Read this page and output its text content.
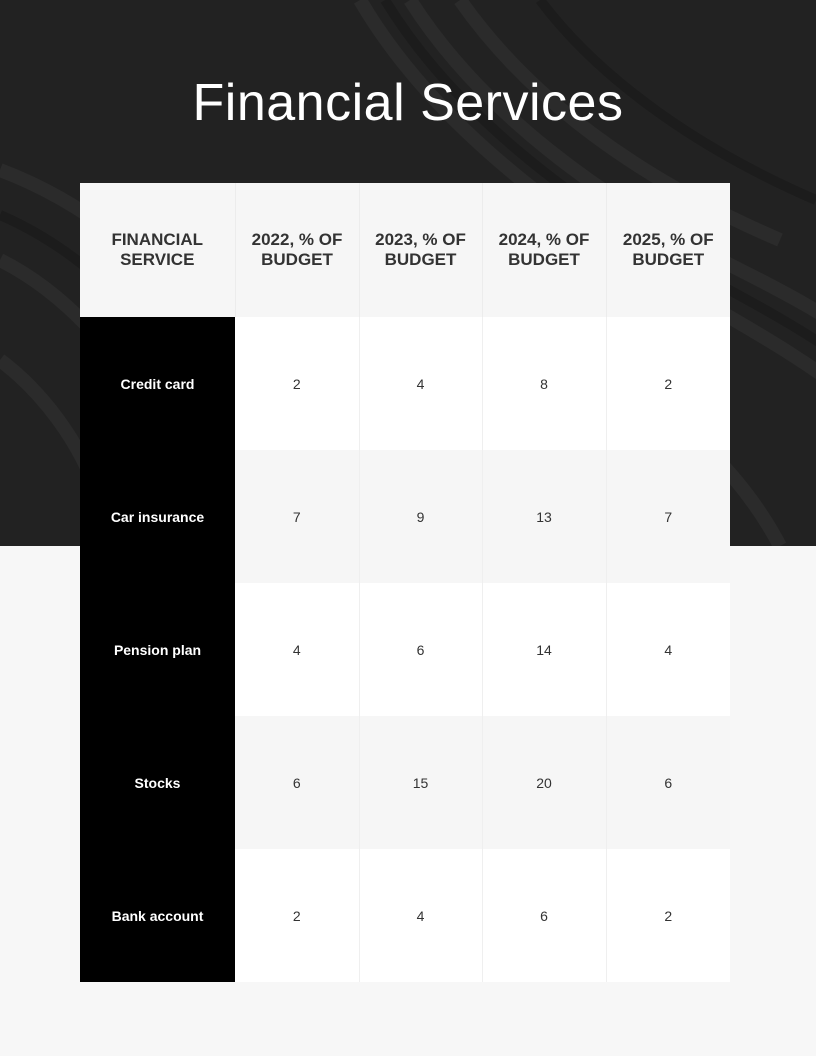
Financial Services
FINANCIAL SERVICE	2022, % OF BUDGET	2023, % OF BUDGET	2024, % OF BUDGET	2025, % OF BUDGET
Credit card	2	4	8	2
Car insurance	7	9	13	7
Pension plan	4	6	14	4
Stocks	6	15	20	6
Bank account	2	4	6	2
